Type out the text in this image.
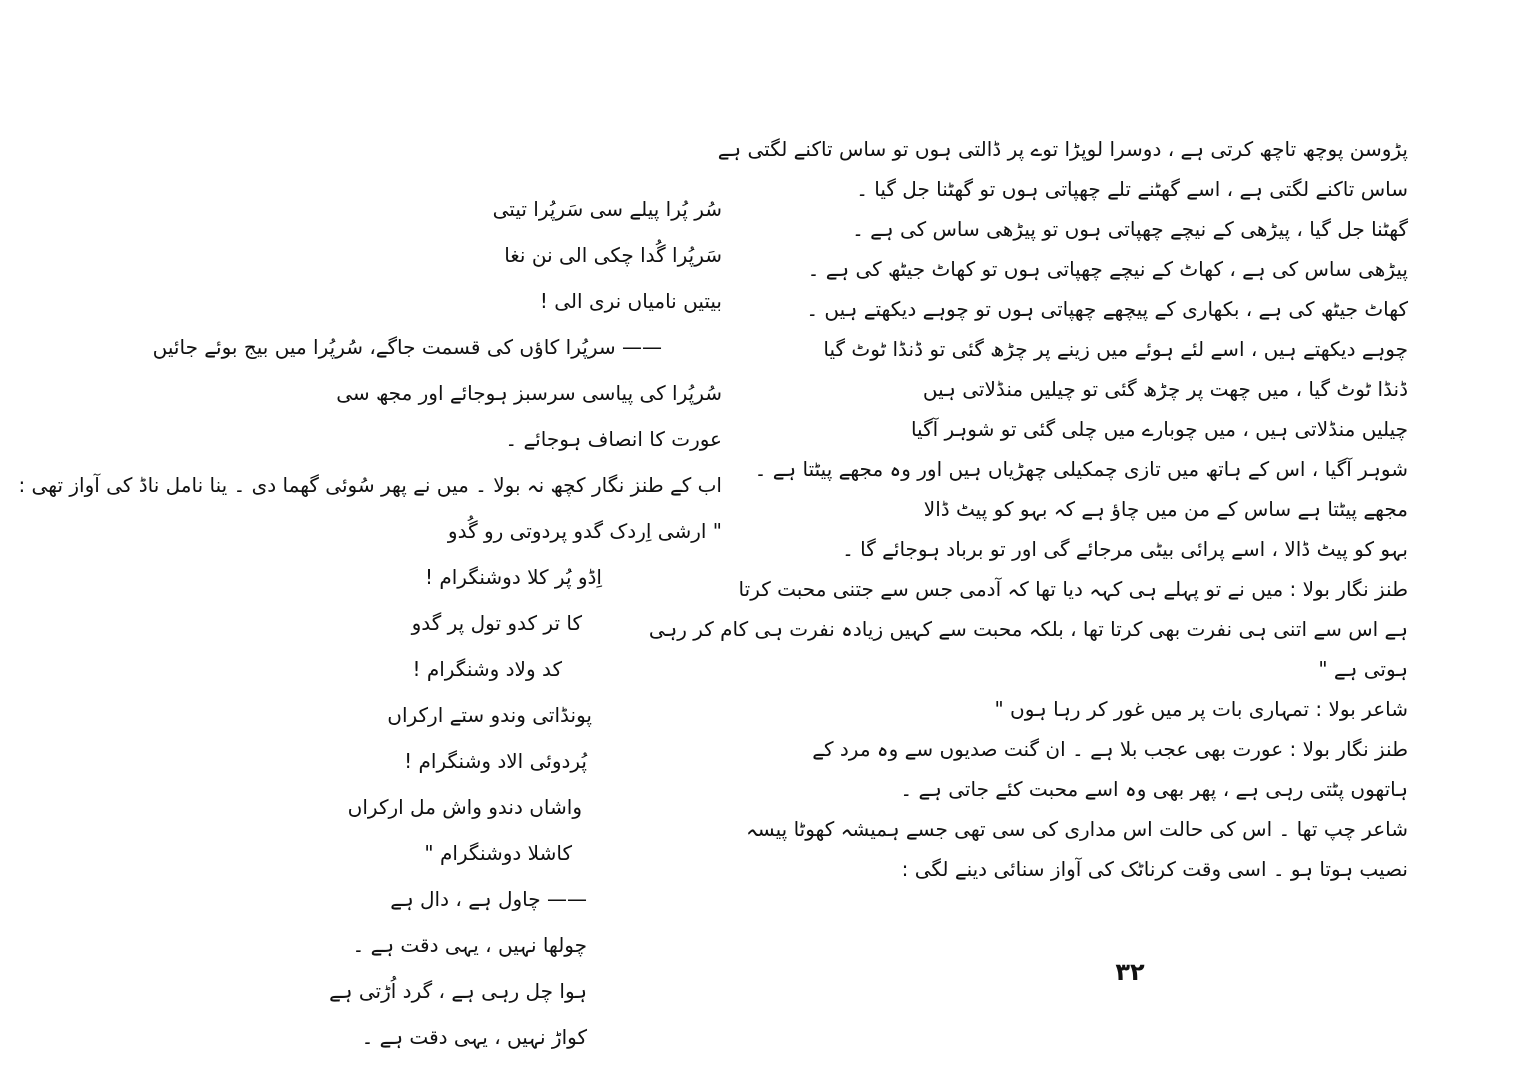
سُر پُرا پیلے سی سَرپُرا تیتی
سَرپُرا گُدا چکی الی نن نغا
بیتیں نامیاں نری الی !
—— سرپُرا کاؤں کی قسمت جاگے، سُرپُرا میں بیج بوئے جائیں
سُرپُرا کی پیاسی سرسبز ہوجائے اور مجھ سی
عورت کا انصاف ہوجائے ۔
اب کے طنز نگار کچھ نہ بولا ۔ میں نے پھر سُوئی گھما دی ۔ ینا نامل ناڈ کی آواز تھی :
" ارشی اِردک گدو پردوتی رو گُدو
اِڈو پُر کلا دوشنگرام !
کا تر کدو تول پر گدو
کد ولاد وشنگرام !
پونڈاتی وندو ستے ارکراں
پُردوئی الاد وشنگرام !
واشاں دندو واش مل ارکراں
کاشلا دوشنگرام "
—— چاول ہے ، دال ہے
چولھا نہیں ، یہی دقت ہے ۔
ہوا چل رہی ہے ، گرد اُڑتی ہے
کواڑ نہیں ، یہی دقت ہے ۔
پڑوسن پوچھ تاچھ کرتی ہے ، دوسرا لوپڑا توے پر ڈالتی ہوں تو ساس تاکنے لگتی ہے
ساس تاکنے لگتی ہے ، اسے گھٹنے تلے چھپاتی ہوں تو گھٹنا جل گیا ۔
گھٹنا جل گیا ، پیڑھی کے نیچے چھپاتی ہوں تو پیڑھی ساس کی ہے ۔
پیڑھی ساس کی ہے ، کھاٹ کے نیچے چھپاتی ہوں تو کھاٹ جیٹھ کی ہے ۔
کھاٹ جیٹھ کی ہے ، بکھاری کے پیچھے چھپاتی ہوں تو چوہے دیکھتے ہیں ۔
چوہے دیکھتے ہیں ، اسے لئے ہوئے میں زینے پر چڑھ گئی تو ڈنڈا ٹوٹ گیا
ڈنڈا ٹوٹ گیا ، میں چھت پر چڑھ گئی تو چیلیں منڈلاتی ہیں
چیلیں منڈلاتی ہیں ، میں چوبارے میں چلی گئی تو شوہر آگیا
شوہر آگیا ، اس کے ہاتھ میں تازی چمکیلی چھڑیاں ہیں اور وہ مجھے پیٹتا ہے ۔
مجھے پیٹتا ہے ساس کے من میں چاؤ ہے کہ بہو کو پیٹ ڈالا
بہو کو پیٹ ڈالا ، اسے پرائی بیٹی مرجائے گی اور تو برباد ہوجائے گا ۔
طنز نگار بولا : میں نے تو پہلے ہی کہہ دیا تھا کہ آدمی جس سے جتنی محبت کرتا
ہے اس سے اتنی ہی نفرت بھی کرتا تھا ، بلکہ محبت سے کہیں زیادہ نفرت ہی کام کر رہی
ہوتی ہے "
شاعر بولا : تمہاری بات پر میں غور کر رہا ہوں "
طنز نگار بولا : عورت بھی عجب بلا ہے ۔ ان گنت صدیوں سے وہ مرد کے
ہاتھوں پٹتی رہی ہے ، پھر بھی وہ اسے محبت کئے جاتی ہے ۔
شاعر چپ تھا ۔ اس کی حالت اس مداری کی سی تھی جسے ہمیشہ کھوٹا پیسہ
نصیب ہوتا ہو ۔ اسی وقت کرناٹک کی آواز سنائی دینے لگی :
۳۲
